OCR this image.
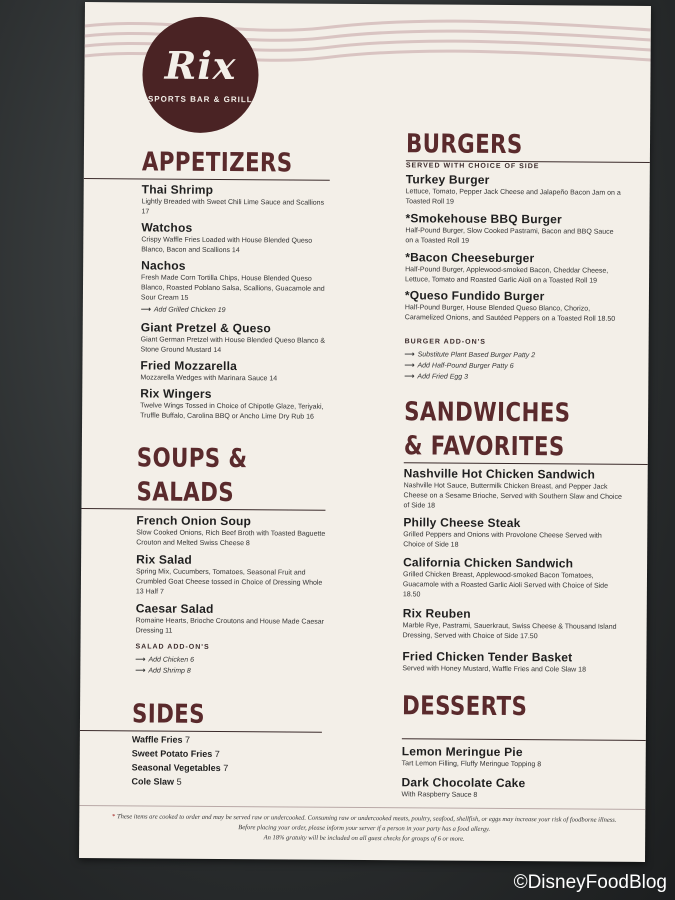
Rix
SPORTS BAR & GRILL
APPETIZERS
Thai Shrimp
Lightly Breaded with Sweet Chili Lime Sauce and Scallions 17
Watchos
Crispy Waffle Fries Loaded with House Blended Queso Blanco, Bacon and Scallions 14
Nachos
Fresh Made Corn Tortilla Chips, House Blended Queso Blanco, Roasted Poblano Salsa, Scallions, Guacamole and Sour Cream 15
⟶ Add Grilled Chicken 19
Giant Pretzel & Queso
Giant German Pretzel with House Blended Queso Blanco & Stone Ground Mustard 14
Fried Mozzarella
Mozzarella Wedges with Marinara Sauce 14
Rix Wingers
Twelve Wings Tossed in Choice of Chipotle Glaze, Teriyaki, Truffle Buffalo, Carolina BBQ or Ancho Lime Dry Rub 16
SOUPS &
SALADS
French Onion Soup
Slow Cooked Onions, Rich Beef Broth with Toasted Baguette Crouton and Melted Swiss Cheese 8
Rix Salad
Spring Mix, Cucumbers, Tomatoes, Seasonal Fruit and Crumbled Goat Cheese tossed in Choice of Dressing Whole 13 Half 7
Caesar Salad
Romaine Hearts, Brioche Croutons and House Made Caesar Dressing 11
SALAD ADD-ON'S
⟶ Add Chicken 6
⟶ Add Shrimp 8
SIDES
Waffle Fries 7
Sweet Potato Fries 7
Seasonal Vegetables 7
Cole Slaw 5
BURGERS
SERVED WITH CHOICE OF SIDE
Turkey Burger
Lettuce, Tomato, Pepper Jack Cheese and Jalapeño Bacon Jam on a Toasted Roll 19
*Smokehouse BBQ Burger
Half-Pound Burger, Slow Cooked Pastrami, Bacon and BBQ Sauce on a Toasted Roll 19
*Bacon Cheeseburger
Half-Pound Burger, Applewood-smoked Bacon, Cheddar Cheese, Lettuce, Tomato and Roasted Garlic Aioli on a Toasted Roll 19
*Queso Fundido Burger
Half-Pound Burger, House Blended Queso Blanco, Chorizo, Caramelized Onions, and Sautéed Peppers on a Toasted Roll 18.50
BURGER ADD-ON'S
⟶ Substitute Plant Based Burger Patty 2
⟶ Add Half-Pound Burger Patty 6
⟶ Add Fried Egg 3
SANDWICHES
& FAVORITES
Nashville Hot Chicken Sandwich
Nashville Hot Sauce, Buttermilk Chicken Breast, and Pepper Jack Cheese on a Sesame Brioche, Served with Southern Slaw and Choice of Side 18
Philly Cheese Steak
Grilled Peppers and Onions with Provolone Cheese Served with Choice of Side 18
California Chicken Sandwich
Grilled Chicken Breast, Applewood-smoked Bacon Tomatoes, Guacamole with a Roasted Garlic Aioli Served with Choice of Side 18.50
Rix Reuben
Marble Rye, Pastrami, Sauerkraut, Swiss Cheese & Thousand Island Dressing, Served with Choice of Side 17.50
Fried Chicken Tender Basket
Served with Honey Mustard, Waffle Fries and Cole Slaw 18
DESSERTS
Lemon Meringue Pie
Tart Lemon Filling, Fluffy Meringue Topping 8
Dark Chocolate Cake
With Raspberry Sauce 8
* These items are cooked to order and may be served raw or undercooked. Consuming raw or undercooked meats, poultry, seafood, shellfish, or eggs may increase your risk of foodborne illness. Before placing your order, please inform your server if a person in your party has a food allergy.
An 18% gratuity will be included on all guest checks for groups of 6 or more.
©DisneyFoodBlog
